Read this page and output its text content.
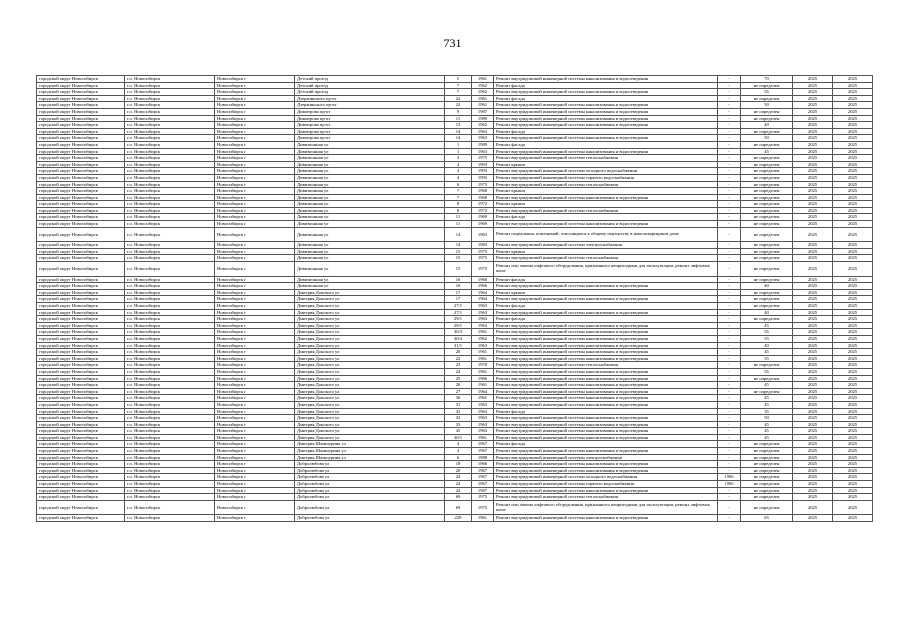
731
городской округ Новосибирск	г.о. Новосибирск	Новосибирск г	Детский проезд	5	1961	Ремонт внутридомовой инженерной системы канализования и водоотведения	-	70	2025	2025
городской округ Новосибирск	г.о. Новосибирск	Новосибирск г	Детский проезд	7	1962	Ремонт фасада	-	не определен	2025	2025
городской округ Новосибирск	г.о. Новосибирск	Новосибирск г	Детский проезд	7	1962	Ремонт внутридомовой инженерной системы канализования и водоотведения	-	55	2025	2025
городской округ Новосибирск	г.о. Новосибирск	Новосибирск г	Дзержинского пр-кт	22	1961	Ремонт фасада	-	не определен	2025	2025
городской округ Новосибирск	г.о. Новосибирск	Новосибирск г	Дзержинского пр-кт	22	1961	Ремонт внутридомовой инженерной системы канализования и водоотведения	-	50	2025	2025
городской округ Новосибирск	г.о. Новосибирск	Новосибирск г	Димитрова пр-кт	9	1987	Ремонт внутридомовой инженерной системы канализования и водоотведения	-	не определен	2025	2025
городской округ Новосибирск	г.о. Новосибирск	Новосибирск г	Димитрова пр-кт	11	1989	Ремонт внутридомовой инженерной системы канализования и водоотведения	-	не определен	2025	2025
городской округ Новосибирск	г.о. Новосибирск	Новосибирск г	Димитрова пр-кт	13	1962	Ремонт внутридомовой инженерной системы канализования и водоотведения	-	40	2025	2025
городской округ Новосибирск	г.о. Новосибирск	Новосибирск г	Димитрова пр-кт	14	1963	Ремонт фасада	-	не определен	2025	2025
городской округ Новосибирск	г.о. Новосибирск	Новосибирск г	Димитрова пр-кт	14	1963	Ремонт внутридомовой инженерной системы канализования и водоотведения	-	50	2025	2025
городской округ Новосибирск	г.о. Новосибирск	Новосибирск г	Дивизионная ул	1	1989	Ремонт фасада	-	не определен	2025	2025
городской округ Новосибирск	г.о. Новосибирск	Новосибирск г	Дивизионная ул	1	1963	Ремонт внутридомовой инженерной системы канализования и водоотведения	-	45	2025	2025
городской округ Новосибирск	г.о. Новосибирск	Новосибирск г	Дивизионная ул	3	1975	Ремонт внутридомовой инженерной системы теплоснабжения	-	не определен	2025	2025
городской округ Новосибирск	г.о. Новосибирск	Новосибирск г	Дивизионная ул	4	1993	Ремонт крыши	-	не определен	2025	2025
городской округ Новосибирск	г.о. Новосибирск	Новосибирск г	Дивизионная ул	4	1993	Ремонт внутридомовой инженерной системы холодного водоснабжения	-	не определен	2025	2025
городской округ Новосибирск	г.о. Новосибирск	Новосибирск г	Дивизионная ул	4	1993	Ремонт внутридомовой инженерной системы горячего водоснабжения	-	не определен	2025	2025
городской округ Новосибирск	г.о. Новосибирск	Новосибирск г	Дивизионная ул	6	1975	Ремонт внутридомовой инженерной системы теплоснабжения	-	не определен	2025	2025
городской округ Новосибирск	г.о. Новосибирск	Новосибирск г	Дивизионная ул	7	1968	Ремонт крыши	-	не определен	2025	2025
городской округ Новосибирск	г.о. Новосибирск	Новосибирск г	Дивизионная ул	7	1968	Ремонт внутридомовой инженерной системы канализования и водоотведения	-	не определен	2025	2025
городской округ Новосибирск	г.о. Новосибирск	Новосибирск г	Дивизионная ул	8	1972	Ремонт крыши	-	не определен	2025	2025
городской округ Новосибирск	г.о. Новосибирск	Новосибирск г	Дивизионная ул	8	1972	Ремонт внутридомовой инженерной системы теплоснабжения	-	не определен	2025	2025
городской округ Новосибирск	г.о. Новосибирск	Новосибирск г	Дивизионная ул	11	1969	Ремонт фасада	-	не определен	2025	2025
городской округ Новосибирск	г.о. Новосибирск	Новосибирск г	Дивизионная ул	11	1969	Ремонт внутридомовой инженерной системы канализования и водоотведения	-	не определен	2025	2025
городской округ Новосибирск	г.о. Новосибирск	Новосибирск г	Дивизионная ул	14	1963	Ремонт подвальных помещений, относящихся к общему имуществу в многоквартирном доме	-	не определен	2025	2025
городской округ Новосибирск	г.о. Новосибирск	Новосибирск г	Дивизионная ул	14	1983	Ремонт внутридомовой инженерной системы электроснабжения	-	не определен	2025	2025
городской округ Новосибирск	г.о. Новосибирск	Новосибирск г	Дивизионная ул	15	1975	Ремонт крыши	-	не определен	2025	2025
городской округ Новосибирск	г.о. Новосибирск	Новосибирск г	Дивизионная ул	15	1975	Ремонт внутридомовой инженерной системы теплоснабжения	-	не определен	2025	2025
городской округ Новосибирск	г.о. Новосибирск	Новосибирск г	Дивизионная ул	15	1975	Ремонт или замена лифтового оборудования, признанного непригодным для эксплуатации, ремонт лифтовых шахт	-	не определен	2025	2025
городской округ Новосибирск	г.о. Новосибирск	Новосибирск г	Дивизионная ул	16	1966	Ремонт фасада	-	не определен	2025	2025
городской округ Новосибирск	г.о. Новосибирск	Новосибирск г	Дивизионная ул	16	1966	Ремонт внутридомовой инженерной системы канализования и водоотведения	-	40	2025	2025
городской округ Новосибирск	г.о. Новосибирск	Новосибирск г	Дмитрия Донского ул	17	1964	Ремонт крыши	-	не определен	2025	2025
городской округ Новосибирск	г.о. Новосибирск	Новосибирск г	Дмитрия Донского ул	17	1964	Ремонт внутридомовой инженерной системы канализования и водоотведения	-	не определен	2025	2025
городской округ Новосибирск	г.о. Новосибирск	Новосибирск г	Дмитрия Донского ул	27/1	1963	Ремонт фасада	-	не определен	2025	2025
городской округ Новосибирск	г.о. Новосибирск	Новосибирск г	Дмитрия Донского ул	27/1	1963	Ремонт внутридомовой инженерной системы канализования и водоотведения	-	40	2025	2025
городской округ Новосибирск	г.о. Новосибирск	Новосибирск г	Дмитрия Донского ул	29/1	1963	Ремонт фасада	-	не определен	2025	2025
городской округ Новосибирск	г.о. Новосибирск	Новосибирск г	Дмитрия Донского ул	29/1	1963	Ремонт внутридомовой инженерной системы канализования и водоотведения	-	45	2025	2025
городской округ Новосибирск	г.о. Новосибирск	Новосибирск г	Дмитрия Донского ул	30/3	1961	Ремонт внутридомовой инженерной системы канализования и водоотведения	-	55	2025	2025
городской округ Новосибирск	г.о. Новосибирск	Новосибирск г	Дмитрия Донского ул	30/4	1962	Ремонт внутридомовой инженерной системы канализования и водоотведения	-	55	2025	2025
городской округ Новосибирск	г.о. Новосибирск	Новосибирск г	Дмитрия Донского ул	31/1	1963	Ремонт внутридомовой инженерной системы канализования и водоотведения	-	40	2025	2025
городской округ Новосибирск	г.о. Новосибирск	Новосибирск г	Дмитрия Донского ул	20	1961	Ремонт внутридомовой инженерной системы канализования и водоотведения	-	45	2025	2025
городской округ Новосибирск	г.о. Новосибирск	Новосибирск г	Дмитрия Донского ул	22	1961	Ремонт внутридомовой инженерной системы канализования и водоотведения	-	55	2025	2025
городской округ Новосибирск	г.о. Новосибирск	Новосибирск г	Дмитрия Донского ул	23	1978	Ремонт внутридомовой инженерной системы теплоснабжения	-	не определен	2025	2025
городской округ Новосибирск	г.о. Новосибирск	Новосибирск г	Дмитрия Донского ул	24	1961	Ремонт внутридомовой инженерной системы канализования и водоотведения	-	55	2025	2025
городской округ Новосибирск	г.о. Новосибирск	Новосибирск г	Дмитрия Донского ул	25	1966	Ремонт внутридомовой инженерной системы канализования и водоотведения	-	не определен	2025	2025
городской округ Новосибирск	г.о. Новосибирск	Новосибирск г	Дмитрия Донского ул	26	1961	Ремонт внутридомовой инженерной системы канализования и водоотведения	-	45	2025	2025
городской округ Новосибирск	г.о. Новосибирск	Новосибирск г	Дмитрия Донского ул	27	1964	Ремонт внутридомовой инженерной системы канализования и водоотведения	-	не определен	2025	2025
городской округ Новосибирск	г.о. Новосибирск	Новосибирск г	Дмитрия Донского ул	30	1961	Ремонт внутридомовой инженерной системы канализования и водоотведения	-	45	2025	2025
городской округ Новосибирск	г.о. Новосибирск	Новосибирск г	Дмитрия Донского ул	31	1963	Ремонт внутридомовой инженерной системы канализования и водоотведения	-	45	2025	2025
городской округ Новосибирск	г.о. Новосибирск	Новосибирск г	Дмитрия Донского ул	32	1963	Ремонт фасада	-	35	2025	2025
городской округ Новосибирск	г.о. Новосибирск	Новосибирск г	Дмитрия Донского ул	32	1963	Ремонт внутридомовой инженерной системы канализования и водоотведения	-	50	2025	2025
городской округ Новосибирск	г.о. Новосибирск	Новосибирск г	Дмитрия Донского ул	33	1963	Ремонт внутридомовой инженерной системы канализования и водоотведения	-	45	2025	2025
городской округ Новосибирск	г.о. Новосибирск	Новосибирск г	Дмитрия Донского ул	45	1963	Ремонт внутридомовой инженерной системы канализования и водоотведения	-	45	2025	2025
городской округ Новосибирск	г.о. Новосибирск	Новосибирск г	Дмитрия Донского ул	30/1	1961	Ремонт внутридомовой инженерной системы канализования и водоотведения	-	45	2025	2025
городской округ Новосибирск	г.о. Новосибирск	Новосибирск г	Дмитрия Шамшурина ул	4	1967	Ремонт фасада	-	не определен	2025	2025
городской округ Новосибирск	г.о. Новосибирск	Новосибирск г	Дмитрия Шамшурина ул	4	1967	Ремонт внутридомовой инженерной системы канализования и водоотведения	-	не определен	2025	2025
городской округ Новосибирск	г.о. Новосибирск	Новосибирск г	Дмитрия Шамшурина ул	6	1988	Ремонт внутридомовой инженерной системы электроснабжения	-	не определен	2025	2025
городской округ Новосибирск	г.о. Новосибирск	Новосибирск г	Добролюбова ул	18	1966	Ремонт внутридомовой инженерной системы канализования и водоотведения	-	не определен	2025	2025
городской округ Новосибирск	г.о. Новосибирск	Новосибирск г	Добролюбова ул	20	1967	Ремонт внутридомовой инженерной системы канализования и водоотведения	-	не определен	2025	2025
городской округ Новосибирск	г.о. Новосибирск	Новосибирск г	Добролюбова ул	24	1967	Ремонт внутридомовой инженерной системы холодного водоснабжения	1986	не определен	2025	2025
городской округ Новосибирск	г.о. Новосибирск	Новосибирск г	Добролюбова ул	24	1967	Ремонт внутридомовой инженерной системы горячего водоснабжения	1986	не определен	2025	2025
городской округ Новосибирск	г.о. Новосибирск	Новосибирск г	Добролюбова ул	24	1967	Ремонт внутридомовой инженерной системы канализования и водоотведения	-	не определен	2025	2025
городской округ Новосибирск	г.о. Новосибирск	Новосибирск г	Добролюбова ул	69	1975	Ремонт внутридомовой инженерной системы теплоснабжения	-	не определен	2025	2025
городской округ Новосибирск	г.о. Новосибирск	Новосибирск г	Добролюбова ул	69	1975	Ремонт или замена лифтового оборудования, признанного непригодным для эксплуатации, ремонт лифтовых шахт	-	не определен	2025	2025
городской округ Новосибирск	г.о. Новосибирск	Новосибирск г	Добролюбова ул	229	1961	Ремонт внутридомовой инженерной системы канализования и водоотведения	-	65	2025	2025
